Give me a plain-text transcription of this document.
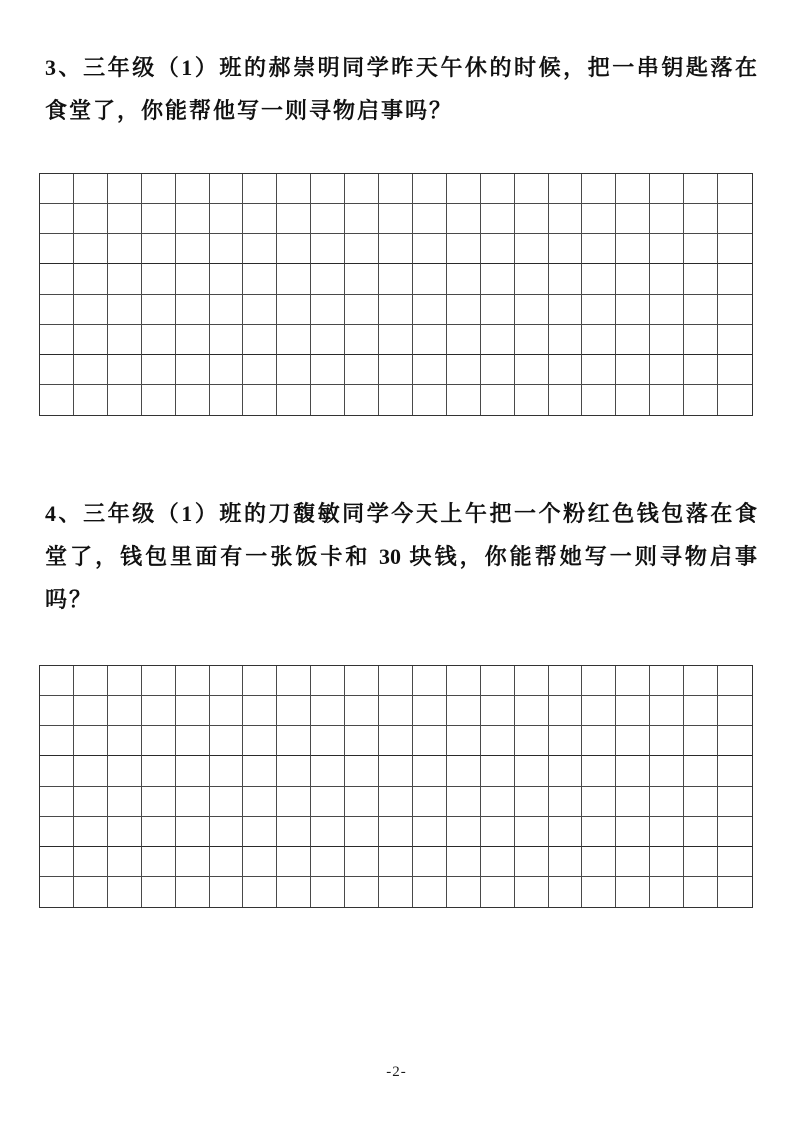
3、三年级（1）班的郝崇明同学昨天午休的时候，把一串钥匙落在
食堂了，你能帮他写一则寻物启事吗？
4、三年级（1）班的刀馥敏同学今天上午把一个粉红色钱包落在食
堂了，钱包里面有一张饭卡和 30 块钱，你能帮她写一则寻物启事
吗？
-2-
